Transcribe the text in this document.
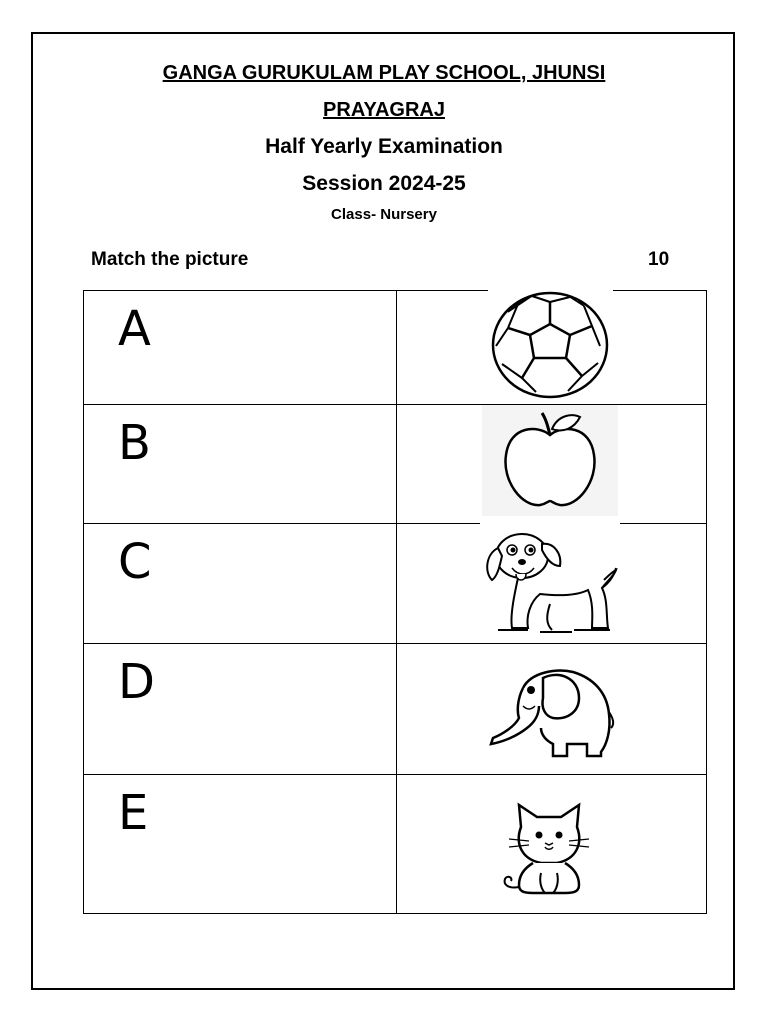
GANGA GURUKULAM PLAY SCHOOL, JHUNSI
PRAYAGRAJ
Half Yearly Examination
Session 2024-25
Class- Nursery
Match the picture	10
A	

B	

C	

D	

E	
